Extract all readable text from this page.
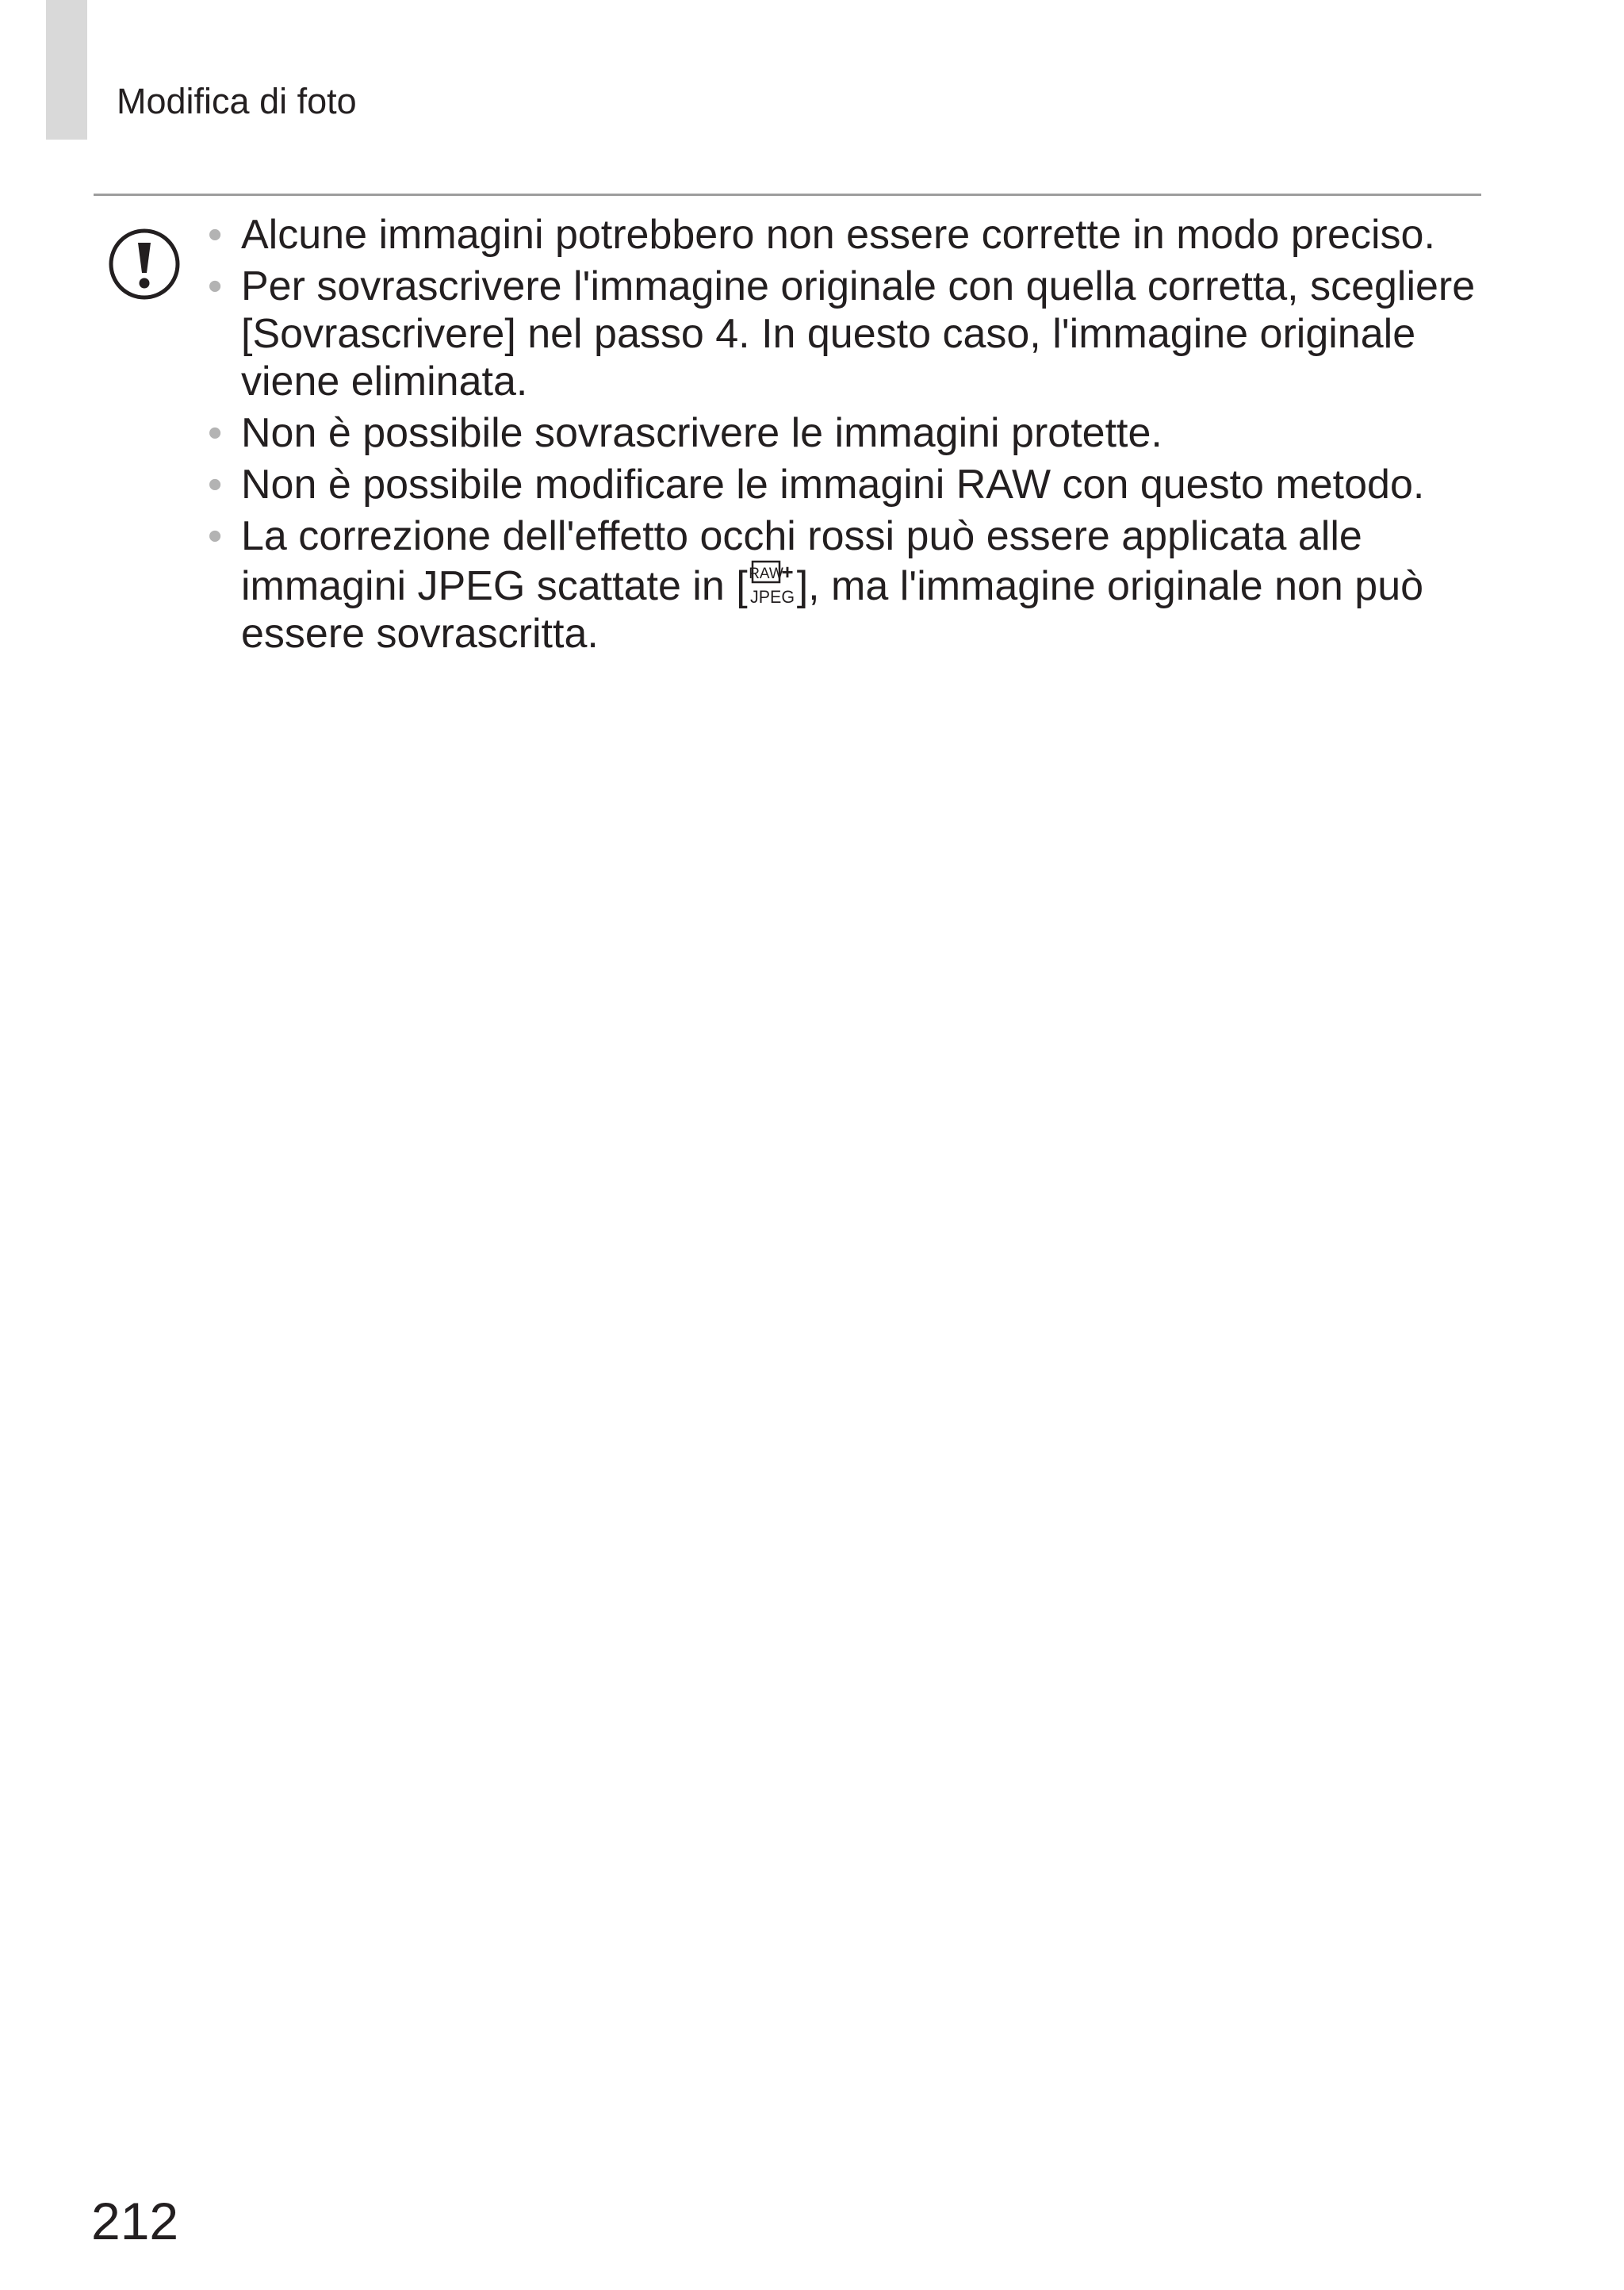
Modifica di foto
• Alcune immagini potrebbero non essere corrette in modo preciso.
• Per sovrascrivere l'immagine originale con quella corretta, scegliere [Sovrascrivere] nel passo 4. In questo caso, l'immagine originale viene eliminata.
• Non è possibile sovrascrivere le immagini protette.
• Non è possibile modificare le immagini RAW con questo metodo.
• La correzione dell'effetto occhi rossi può essere applicata alle immagini JPEG scattate in [ RAW
+
JPEG ], ma l'immagine originale non può essere sovrascritta.
212
